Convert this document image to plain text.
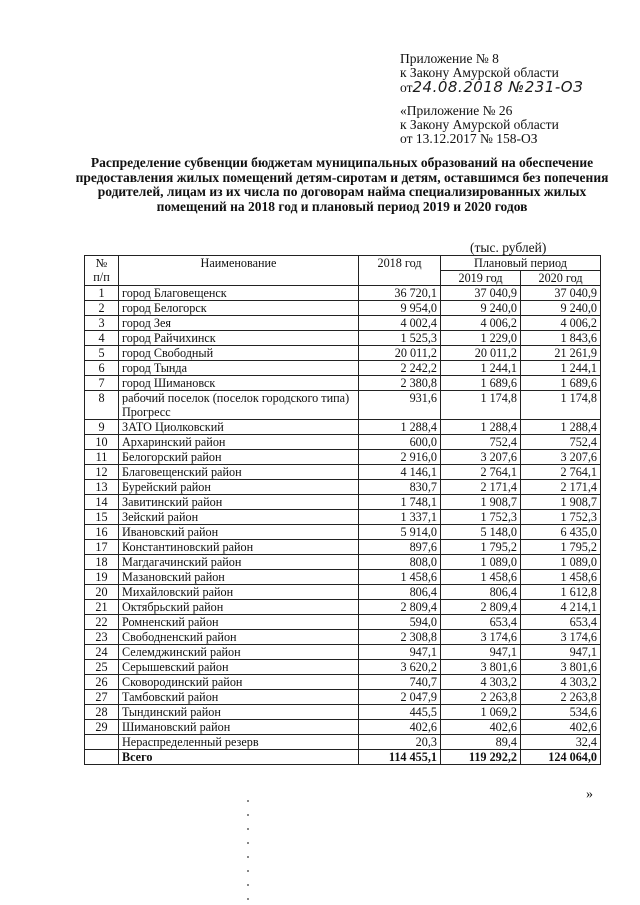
Приложение № 8
к Закону Амурской области
от24.08.2018 №231-ОЗ
«Приложение № 26
к Закону Амурской области
от 13.12.2017 № 158-ОЗ
Распределение субвенции бюджетам муниципальных образований на обеспечение предоставления жилых помещений детям-сиротам и детям, оставшимся без попечения родителей, лицам из их числа по договорам найма специализированных жилых помещений на 2018 год и плановый период 2019 и 2020 годов
(тыс. рублей)
№
п/п	Наименование	2018 год	Плановый период	
			2019 год	2020 год
1	город Благовещенск	36 720,1	37 040,9	37 040,9
2	город Белогорск	9 954,0	9 240,0	9 240,0
3	город Зея	4 002,4	4 006,2	4 006,2
4	город Райчихинск	1 525,3	1 229,0	1 843,6
5	город Свободный	20 011,2	20 011,2	21 261,9
6	город Тында	2 242,2	1 244,1	1 244,1
7	город Шимановск	2 380,8	1 689,6	1 689,6
8	рабочий поселок (поселок городского типа) Прогресс	931,6	1 174,8	1 174,8
9	ЗАТО Циолковский	1 288,4	1 288,4	1 288,4
10	Архаринский район	600,0	752,4	752,4
11	Белогорский район	2 916,0	3 207,6	3 207,6
12	Благовещенский район	4 146,1	2 764,1	2 764,1
13	Бурейский район	830,7	2 171,4	2 171,4
14	Завитинский район	1 748,1	1 908,7	1 908,7
15	Зейский район	1 337,1	1 752,3	1 752,3
16	Ивановский район	5 914,0	5 148,0	6 435,0
17	Константиновский район	897,6	1 795,2	1 795,2
18	Магдагачинский район	808,0	1 089,0	1 089,0
19	Мазановский район	1 458,6	1 458,6	1 458,6
20	Михайловский район	806,4	806,4	1 612,8
21	Октябрьский район	2 809,4	2 809,4	4 214,1
22	Ромненский район	594,0	653,4	653,4
23	Свободненский район	2 308,8	3 174,6	3 174,6
24	Селемджинский район	947,1	947,1	947,1
25	Серышевский район	3 620,2	3 801,6	3 801,6
26	Сковородинский район	740,7	4 303,2	4 303,2
27	Тамбовский район	2 047,9	2 263,8	2 263,8
28	Тындинский район	445,5	1 069,2	534,6
29	Шимановский район	402,6	402,6	402,6
	Нераспределенный резерв	20,3	89,4	32,4
	Всего	114 455,1	119 292,2	124 064,0
»
